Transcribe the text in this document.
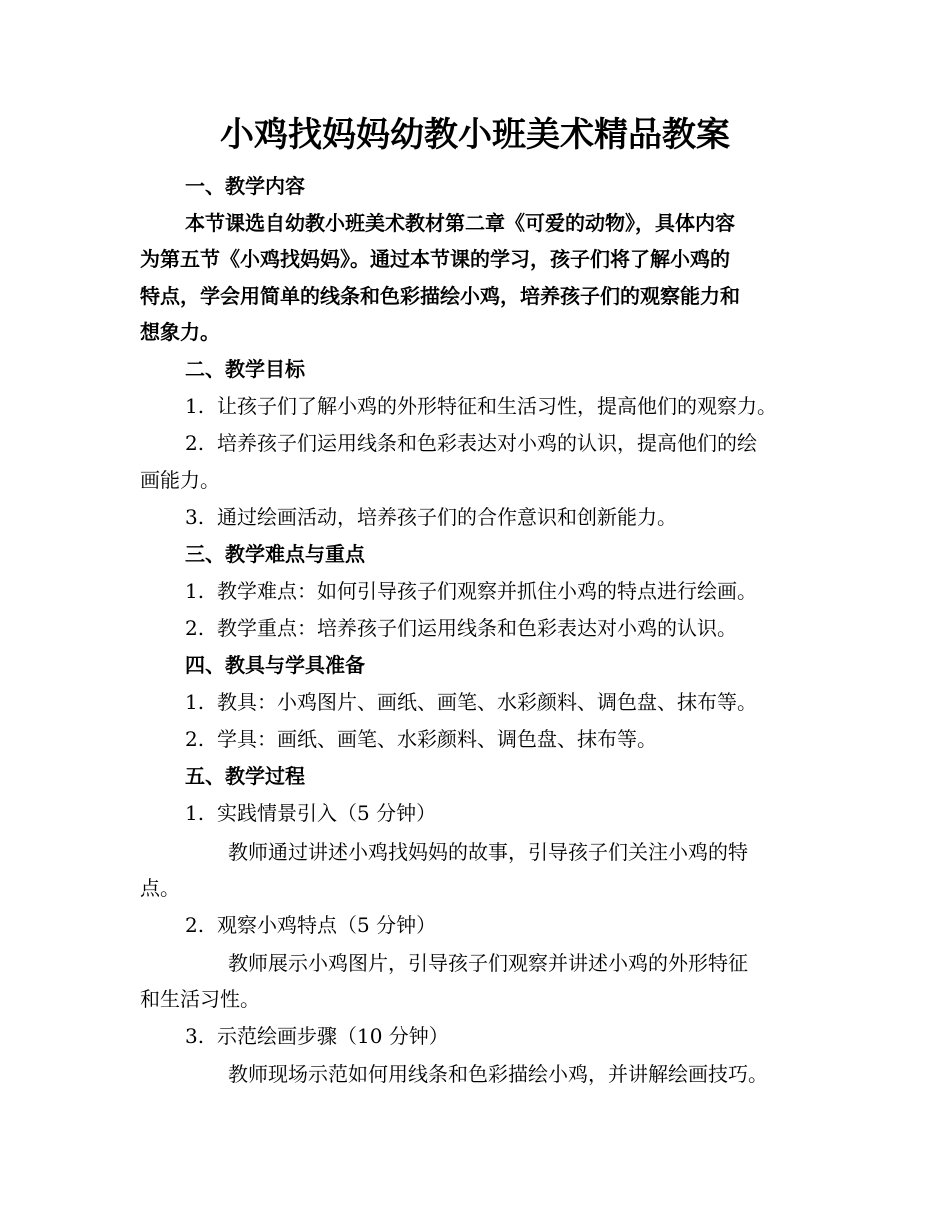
小鸡找妈妈幼教小班美术精品教案
一、教学内容
本节课选自幼教小班美术教材第二章《可爱的动物》，具体内容
为第五节《小鸡找妈妈》。通过本节课的学习，孩子们将了解小鸡的
特点，学会用简单的线条和色彩描绘小鸡，培养孩子们的观察能力和
想象力。
二、教学目标
1. 让孩子们了解小鸡的外形特征和生活习性，提高他们的观察力。
2. 培养孩子们运用线条和色彩表达对小鸡的认识，提高他们的绘
画能力。
3. 通过绘画活动，培养孩子们的合作意识和创新能力。
三、教学难点与重点
1. 教学难点：如何引导孩子们观察并抓住小鸡的特点进行绘画。
2. 教学重点：培养孩子们运用线条和色彩表达对小鸡的认识。
四、教具与学具准备
1. 教具：小鸡图片、画纸、画笔、水彩颜料、调色盘、抹布等。
2. 学具：画纸、画笔、水彩颜料、调色盘、抹布等。
五、教学过程
1. 实践情景引入（5 分钟）
教师通过讲述小鸡找妈妈的故事，引导孩子们关注小鸡的特
点。
2. 观察小鸡特点（5 分钟）
教师展示小鸡图片，引导孩子们观察并讲述小鸡的外形特征
和生活习性。
3. 示范绘画步骤（10 分钟）
教师现场示范如何用线条和色彩描绘小鸡，并讲解绘画技巧。
